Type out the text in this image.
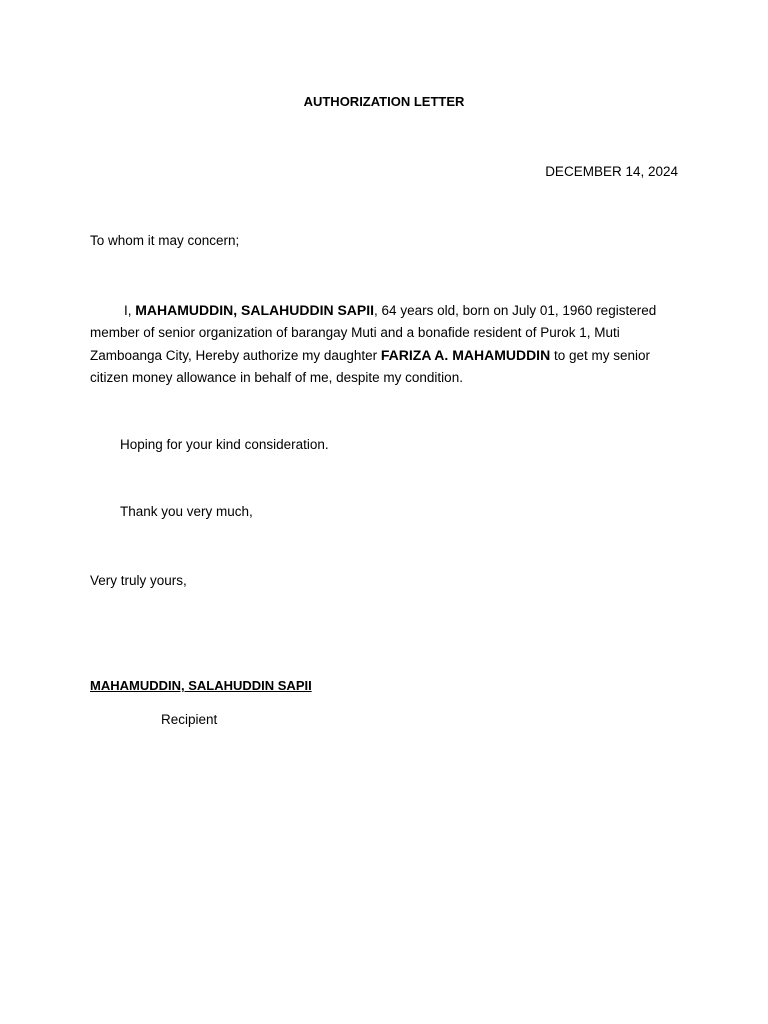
AUTHORIZATION LETTER
DECEMBER 14, 2024
To whom it may concern;
I, MAHAMUDDIN, SALAHUDDIN SAPII, 64 years old, born on July 01, 1960 registered member of senior organization of barangay Muti and a bonafide resident of Purok 1, Muti Zamboanga City, Hereby authorize my daughter FARIZA A. MAHAMUDDIN to get my senior citizen money allowance in behalf of me, despite my condition.
Hoping for your kind consideration.
Thank you very much,
Very truly yours,
MAHAMUDDIN, SALAHUDDIN SAPII
Recipient
